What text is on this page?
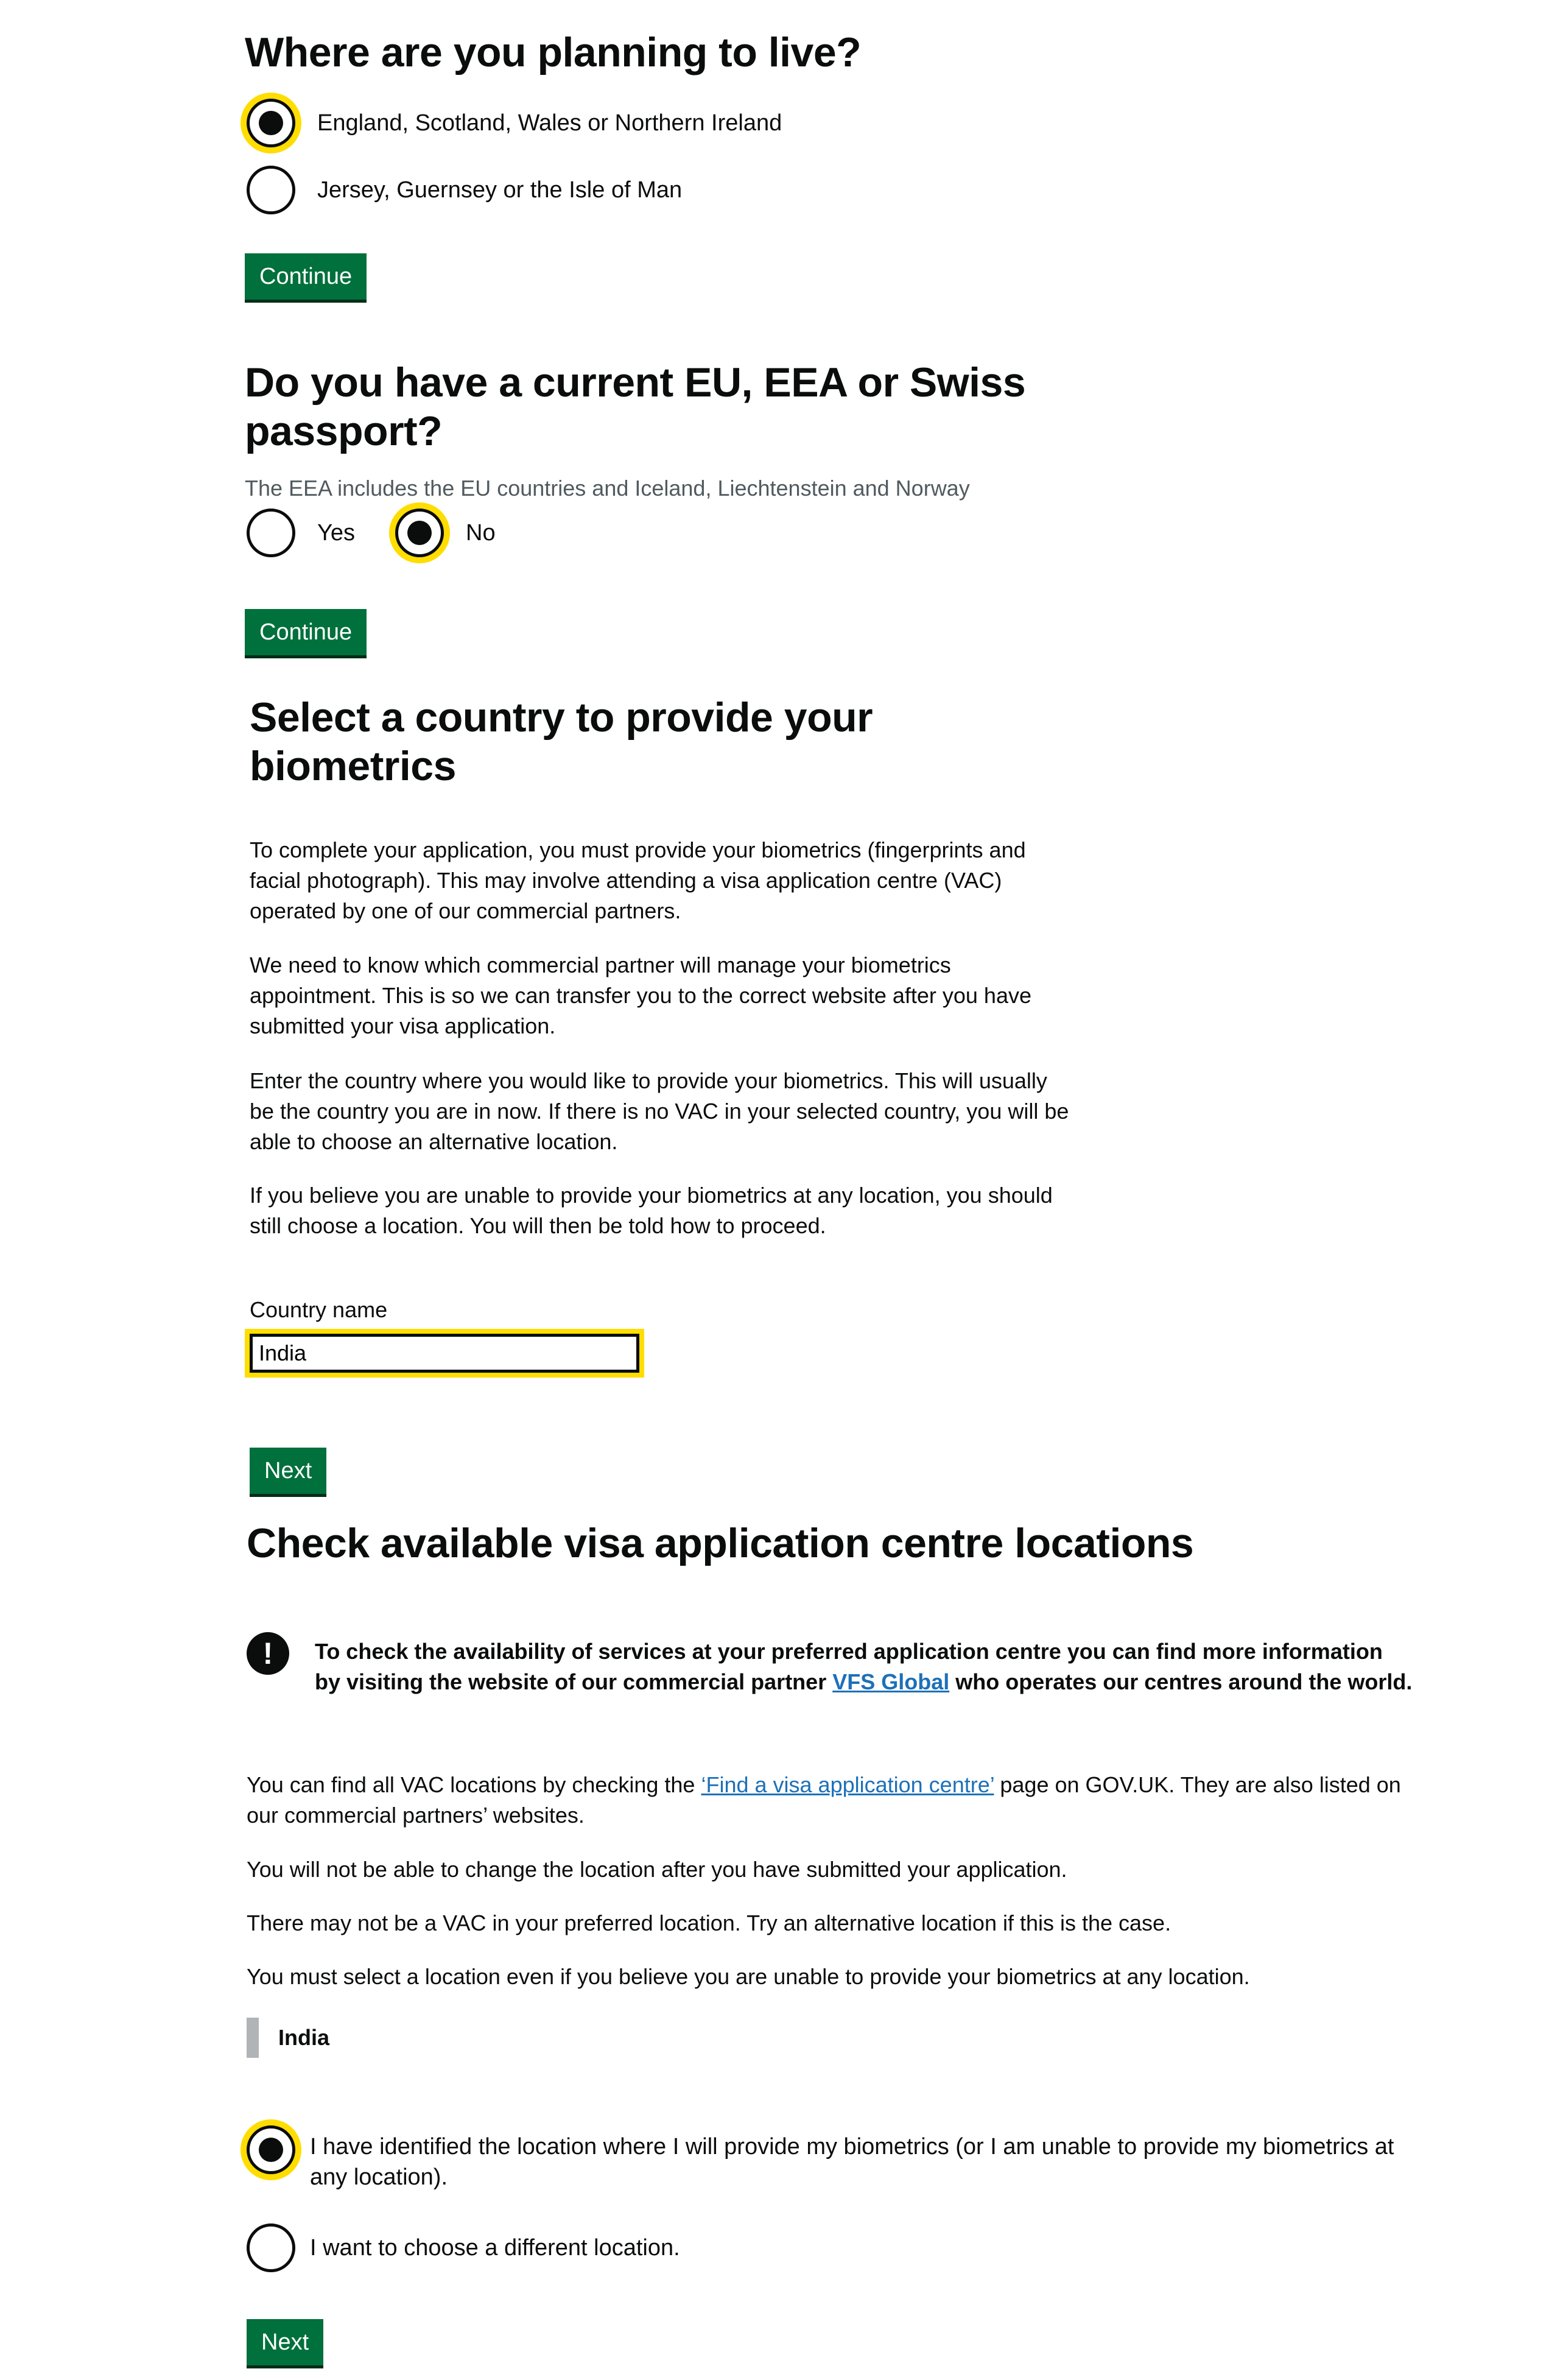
Where are you planning to live?
England, Scotland, Wales or Northern Ireland
Jersey, Guernsey or the Isle of Man
Continue
Do you have a current EU, EEA or Swiss
passport?
The EEA includes the EU countries and Iceland, Liechtenstein and Norway
Yes	No
Continue
Select a country to provide your
biometrics

To complete your application, you must provide your biometrics (fingerprints and
facial photograph). This may involve attending a visa application centre (VAC)
operated by one of our commercial partners.

We need to know which commercial partner will manage your biometrics
appointment. This is so we can transfer you to the correct website after you have
submitted your visa application.

Enter the country where you would like to provide your biometrics. This will usually
be the country you are in now. If there is no VAC in your selected country, you will be
able to choose an alternative location.

If you believe you are unable to provide your biometrics at any location, you should
still choose a location. You will then be told how to proceed.

Country name
India
Next
Check available visa application centre locations
!	To check the availability of services at your preferred application centre you can find more information
by visiting the website of our commercial partner VFS Global who operates our centres around the world.

You can find all VAC locations by checking the ‘Find a visa application centre’ page on GOV.UK. They are also listed on
our commercial partners’ websites.

You will not be able to change the location after you have submitted your application.

There may not be a VAC in your preferred location. Try an alternative location if this is the case.

You must select a location even if you believe you are unable to provide your biometrics at any location.

India
I have identified the location where I will provide my biometrics (or I am unable to provide my biometrics at
any location).
I want to choose a different location.
Next
